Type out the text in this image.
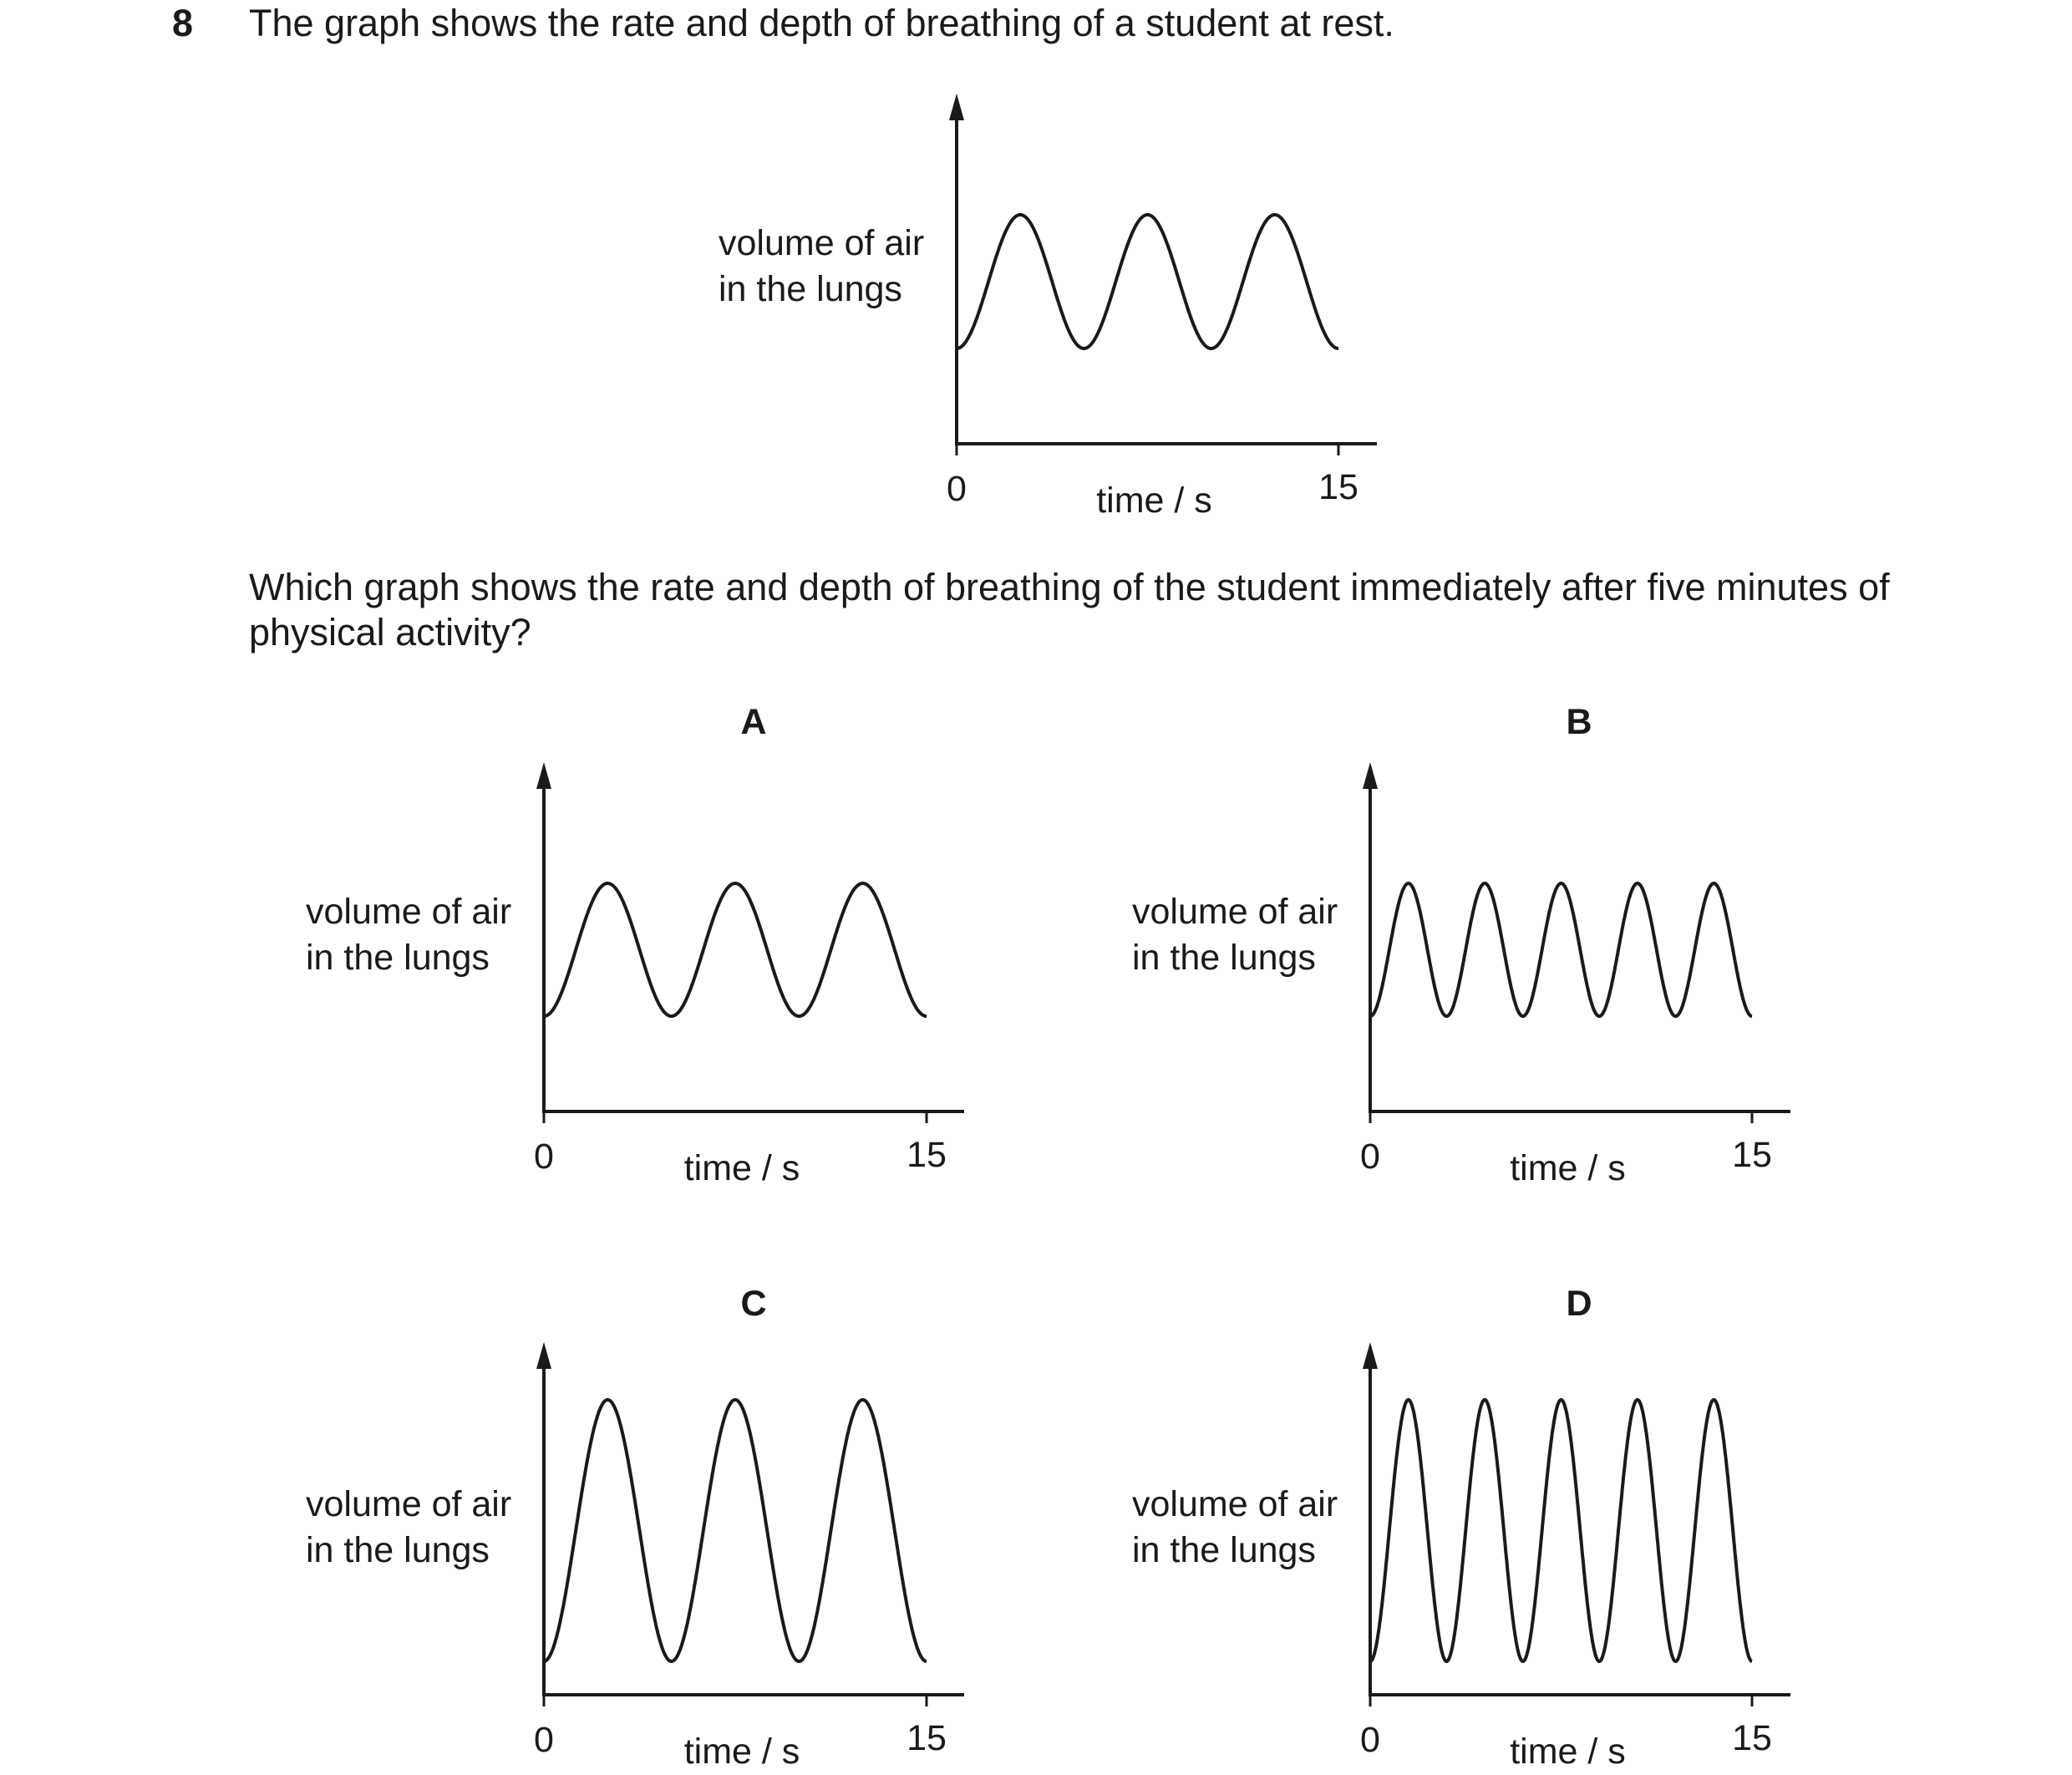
8 The graph shows the rate and depth of breathing of a student at rest.
Which graph shows the rate and depth of breathing of the student immediately after five minutes of physical activity?
A	B
C	D
0	15
time / s
volume of air
in the lungs
0	15
time / s
volume of air
in the lungs
0	15
time / s
volume of air
in the lungs
0	15
time / s
volume of air
in the lungs
0	15
time / s
volume of air
in the lungs
